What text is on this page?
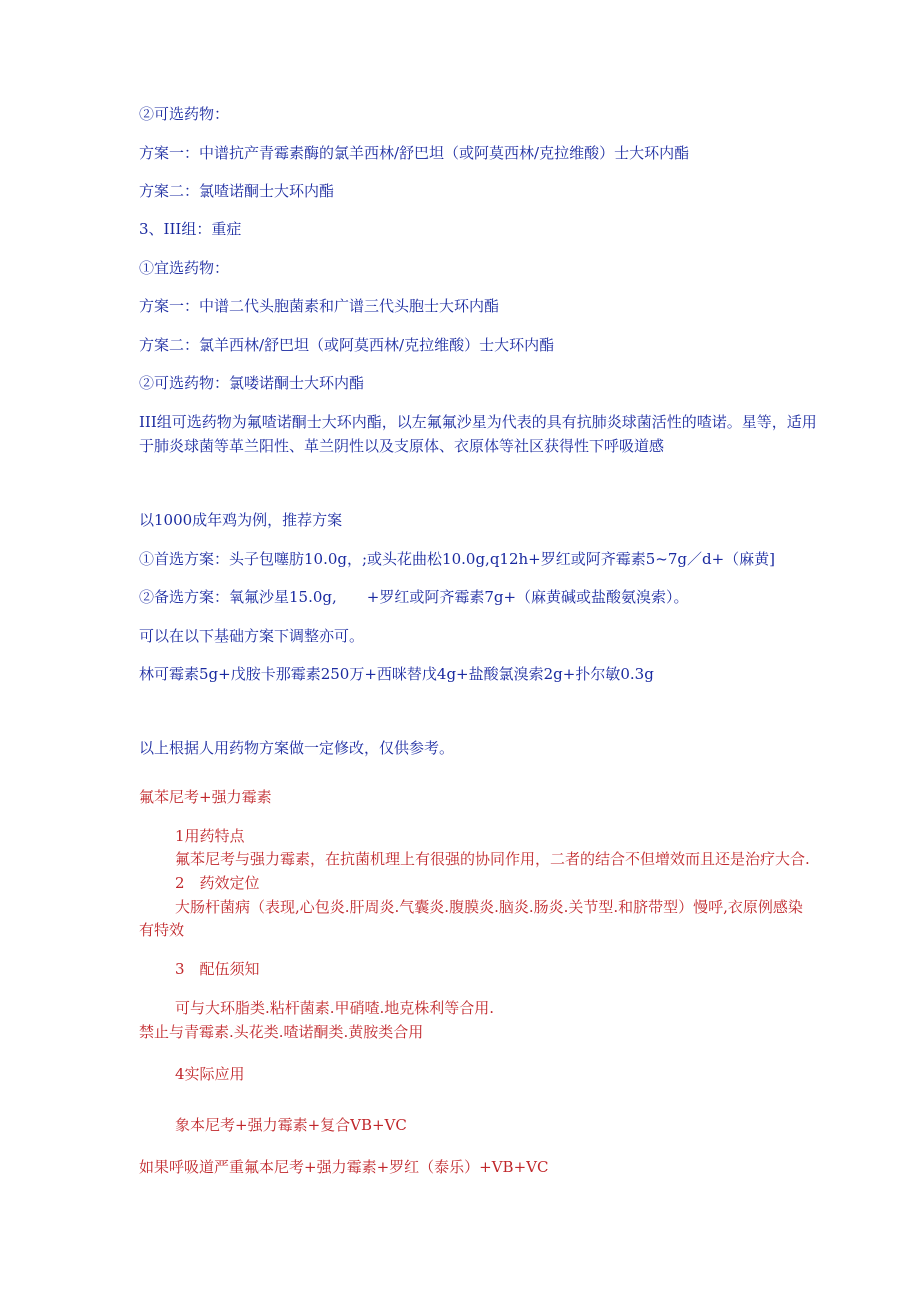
②可选药物：
方案一：中谱抗产青霉素酶的氯羊西林/舒巴坦（或阿莫西林/克拉维酸）士大环内酯
方案二：氯喳诺酮士大环内酯
3、III组：重症
①宜选药物：
方案一：中谱二代头胞菌素和广谱三代头胞士大环内酯
方案二：氯羊西林/舒巴坦（或阿莫西林/克拉维酸）士大环内酯
②可选药物：氯喽诺酮士大环内酯
III组可选药物为氟喳诺酮士大环内酯，以左氟氟沙星为代表的具有抗肺炎球菌活性的喳诺。星等，适用
于肺炎球菌等革兰阳性、革兰阴性以及支原体、衣原体等社区获得性下呼吸道感
以1000成年鸡为例，推荐方案
①首选方案：头子包噻肪10.0g，;或头花曲松10.0g,q12h+罗红或阿齐霉素5~7g／d+（麻黄]
②备选方案：氧氟沙星15.0g,　　+罗红或阿齐霉素7g+（麻黄碱或盐酸氨溴索）。
可以在以下基础方案下调整亦可。
林可霉素5g+戊胺卡那霉素250万+西咪替戊4g+盐酸氯溴索2g+扑尔敏0.3g
以上根据人用药物方案做一定修改，仅供参考。
氟苯尼考+强力霉素
1用药特点
氟苯尼考与强力霉素，在抗菌机理上有很强的协同作用，二者的结合不但增效而且还是治疗大合.
2　药效定位
大肠杆菌病（表现,心包炎.肝周炎.气囊炎.腹膜炎.脑炎.肠炎.关节型.和脐带型）慢呼,衣原例感染
有特效
3　配伍须知
可与大环脂类.粘杆菌素.甲硝喳.地克株利等合用.
禁止与青霉素.头花类.喳诺酮类.黄胺类合用
4实际应用
象本尼考+强力霉素+复合VB+VC
如果呼吸道严重氟本尼考+强力霉素+罗红（泰乐）+VB+VC
